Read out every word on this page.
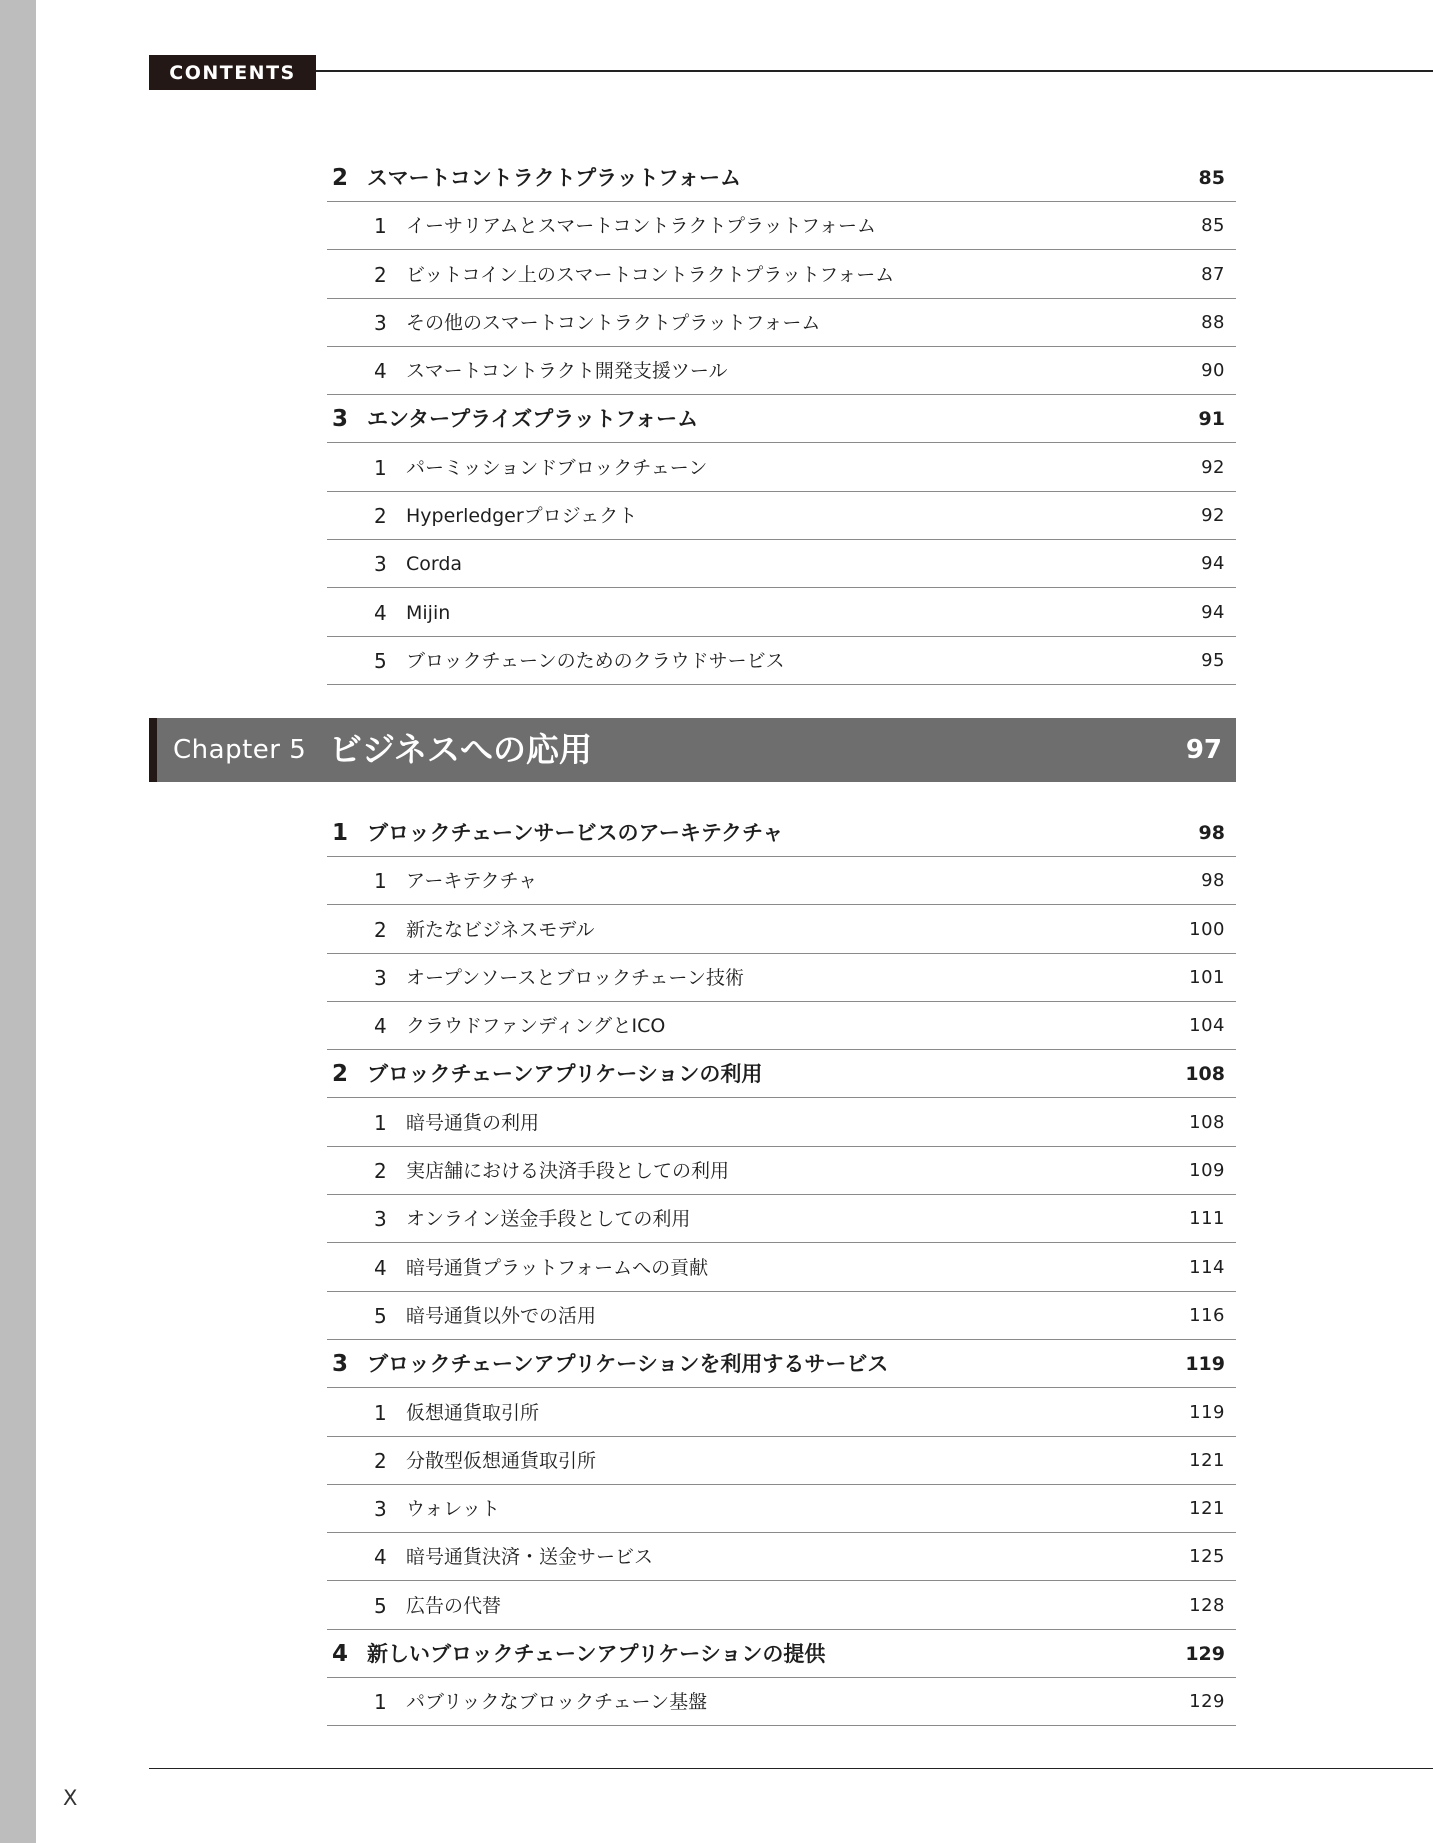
CONTENTS
2 スマートコントラクトプラットフォーム	85
1 イーサリアムとスマートコントラクトプラットフォーム	85
2 ビットコイン上のスマートコントラクトプラットフォーム	87
3 その他のスマートコントラクトプラットフォーム	88
4 スマートコントラクト開発支援ツール	90
3 エンタープライズプラットフォーム	91
1 パーミッションドブロックチェーン	92
2 Hyperledgerプロジェクト	92
3 Corda	94
4 Mijin	94
5 ブロックチェーンのためのクラウドサービス	95
Chapter 5 ビジネスへの応用	97
1 ブロックチェーンサービスのアーキテクチャ	98
1 アーキテクチャ	98
2 新たなビジネスモデル	100
3 オープンソースとブロックチェーン技術	101
4 クラウドファンディングとICO	104
2 ブロックチェーンアプリケーションの利用	108
1 暗号通貨の利用	108
2 実店舗における決済手段としての利用	109
3 オンライン送金手段としての利用	111
4 暗号通貨プラットフォームへの貢献	114
5 暗号通貨以外での活用	116
3 ブロックチェーンアプリケーションを利用するサービス	119
1 仮想通貨取引所	119
2 分散型仮想通貨取引所	121
3 ウォレット	121
4 暗号通貨決済・送金サービス	125
5 広告の代替	128
4 新しいブロックチェーンアプリケーションの提供	129
1 パブリックなブロックチェーン基盤	129
X
